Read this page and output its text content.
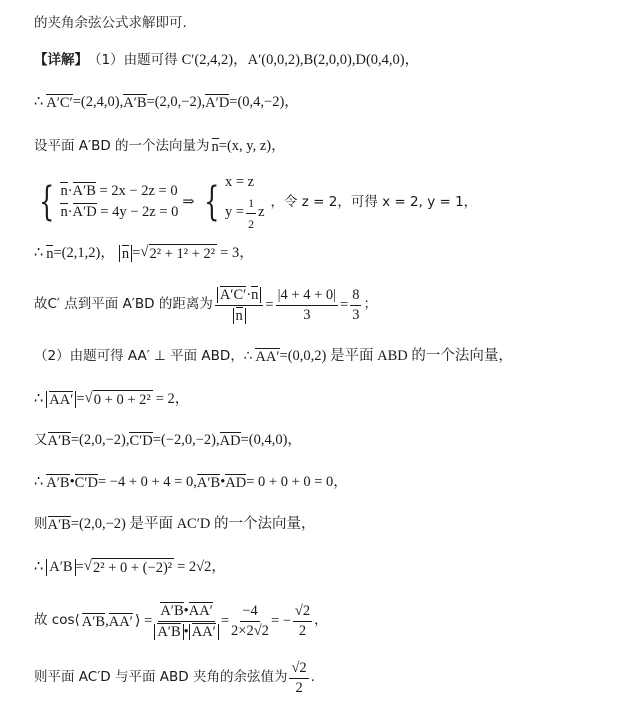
的夹角余弦公式求解即可.
【详解】 （1）由题可得 C′(2,4,2)，A′(0,0,2),B(2,0,0),D(0,4,0)，
∴ A′C′ =(2,4,0), A′B =(2,0,−2), A′D =(0,4,−2)，
设平面 A′BD 的一个法向量为 n =(x, y, z)，
{ n·A′B = 2x − 2z = 0
n·A′D = 4y − 2z = 0
⇒ { x = z
$y = \frac{1}{2}$ z
，令 z = 2，可得 x = 2, y = 1，
∴ n =(2,1,2)， n = √ 2² + 1² + 2² = 3，
故C′ 点到平面 A′BD 的距离为 $\frac{A'C'\cdot n}{n} = \frac{|4 + 4 + 0|}{3} = \frac{8}{3}$ ；
（2）由题可得 AA′ ⊥ 平面 ABD，∴ AA′ =(0,0,2) 是平面 ABD 的一个法向量，
∴ AA′ = √ 0 + 0 + 2² = 2，
又 A′B =(2,0,−2), C′D =(−2,0,−2), AD =(0,4,0)，
∴ A′B • C′D = −4 + 0 + 4 = 0, A′B • AD = 0 + 0 + 0 = 0，
则 A′B =(2,0,−2) 是平面 AC′D 的一个法向量，
∴ A′B = √ 2² + 0 + (−2)² = 2√2，
故 cos⟨ A′B , AA′ ⟩ = $\frac{A'B•AA'}{A'B • AA'} = \frac{-4}{2\times 2√2}$ = − $\frac{√2}{2}$ ，
则平面 AC′D 与平面 ABD 夹角的余弦值为 $\frac{√2}{2}$ .
